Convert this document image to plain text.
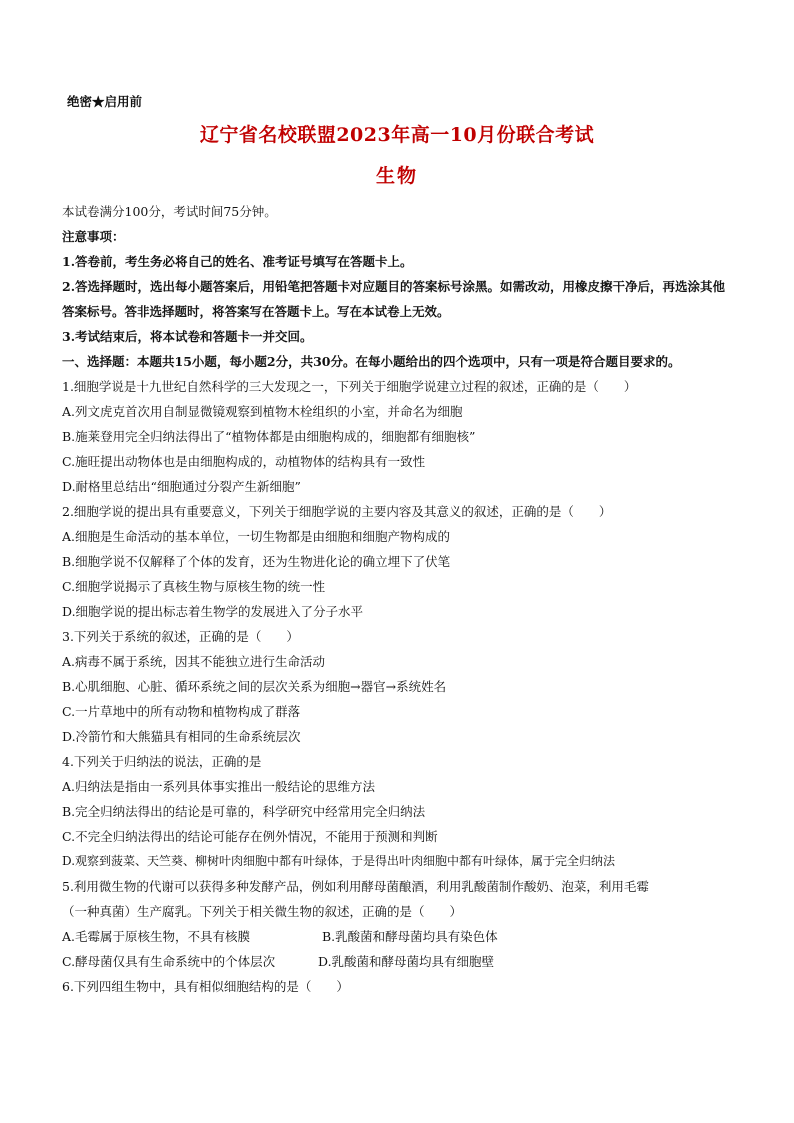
绝密★启用前
辽宁省名校联盟2023年高一10月份联合考试
生物
本试卷满分100分，考试时间75分钟。
注意事项：
1.答卷前，考生务必将自己的姓名、准考证号填写在答题卡上。
2.答选择题时，选出每小题答案后，用铅笔把答题卡对应题目的答案标号涂黑。如需改动，用橡皮擦干净后，再选涂其他答案标号。答非选择题时，将答案写在答题卡上。写在本试卷上无效。
3.考试结束后，将本试卷和答题卡一并交回。
一、选择题：本题共15小题，每小题2分，共30分。在每小题给出的四个选项中，只有一项是符合题目要求的。
1.细胞学说是十九世纪自然科学的三大发现之一，下列关于细胞学说建立过程的叙述，正确的是（　　）
A.列文虎克首次用自制显微镜观察到植物木栓组织的小室，并命名为细胞
B.施莱登用完全归纳法得出了“植物体都是由细胞构成的，细胞都有细胞核”
C.施旺提出动物体也是由细胞构成的，动植物体的结构具有一致性
D.耐格里总结出“细胞通过分裂产生新细胞”
2.细胞学说的提出具有重要意义，下列关于细胞学说的主要内容及其意义的叙述，正确的是（　　）
A.细胞是生命活动的基本单位，一切生物都是由细胞和细胞产物构成的
B.细胞学说不仅解释了个体的发育，还为生物进化论的确立埋下了伏笔
C.细胞学说揭示了真核生物与原核生物的统一性
D.细胞学说的提出标志着生物学的发展进入了分子水平
3.下列关于系统的叙述，正确的是（　　）
A.病毒不属于系统，因其不能独立进行生命活动
B.心肌细胞、心脏、循环系统之间的层次关系为细胞→器官→系统姓名
C.一片草地中的所有动物和植物构成了群落
D.冷箭竹和大熊猫具有相同的生命系统层次
4.下列关于归纳法的说法，正确的是
A.归纳法是指由一系列具体事实推出一般结论的思维方法
B.完全归纳法得出的结论是可靠的，科学研究中经常用完全归纳法
C.不完全归纳法得出的结论可能存在例外情况，不能用于预测和判断
D.观察到菠菜、天竺葵、柳树叶肉细胞中都有叶绿体，于是得出叶肉细胞中都有叶绿体，属于完全归纳法
5.利用微生物的代谢可以获得多种发酵产品，例如利用酵母菌酿酒，利用乳酸菌制作酸奶、泡菜，利用毛霉
（一种真菌）生产腐乳。下列关于相关微生物的叙述，正确的是（　　）
A.毛霉属于原核生物，不具有核膜	B.乳酸菌和酵母菌均具有染色体
C.酵母菌仅具有生命系统中的个体层次	D.乳酸菌和酵母菌均具有细胞壁
6.下列四组生物中，具有相似细胞结构的是（　　）
